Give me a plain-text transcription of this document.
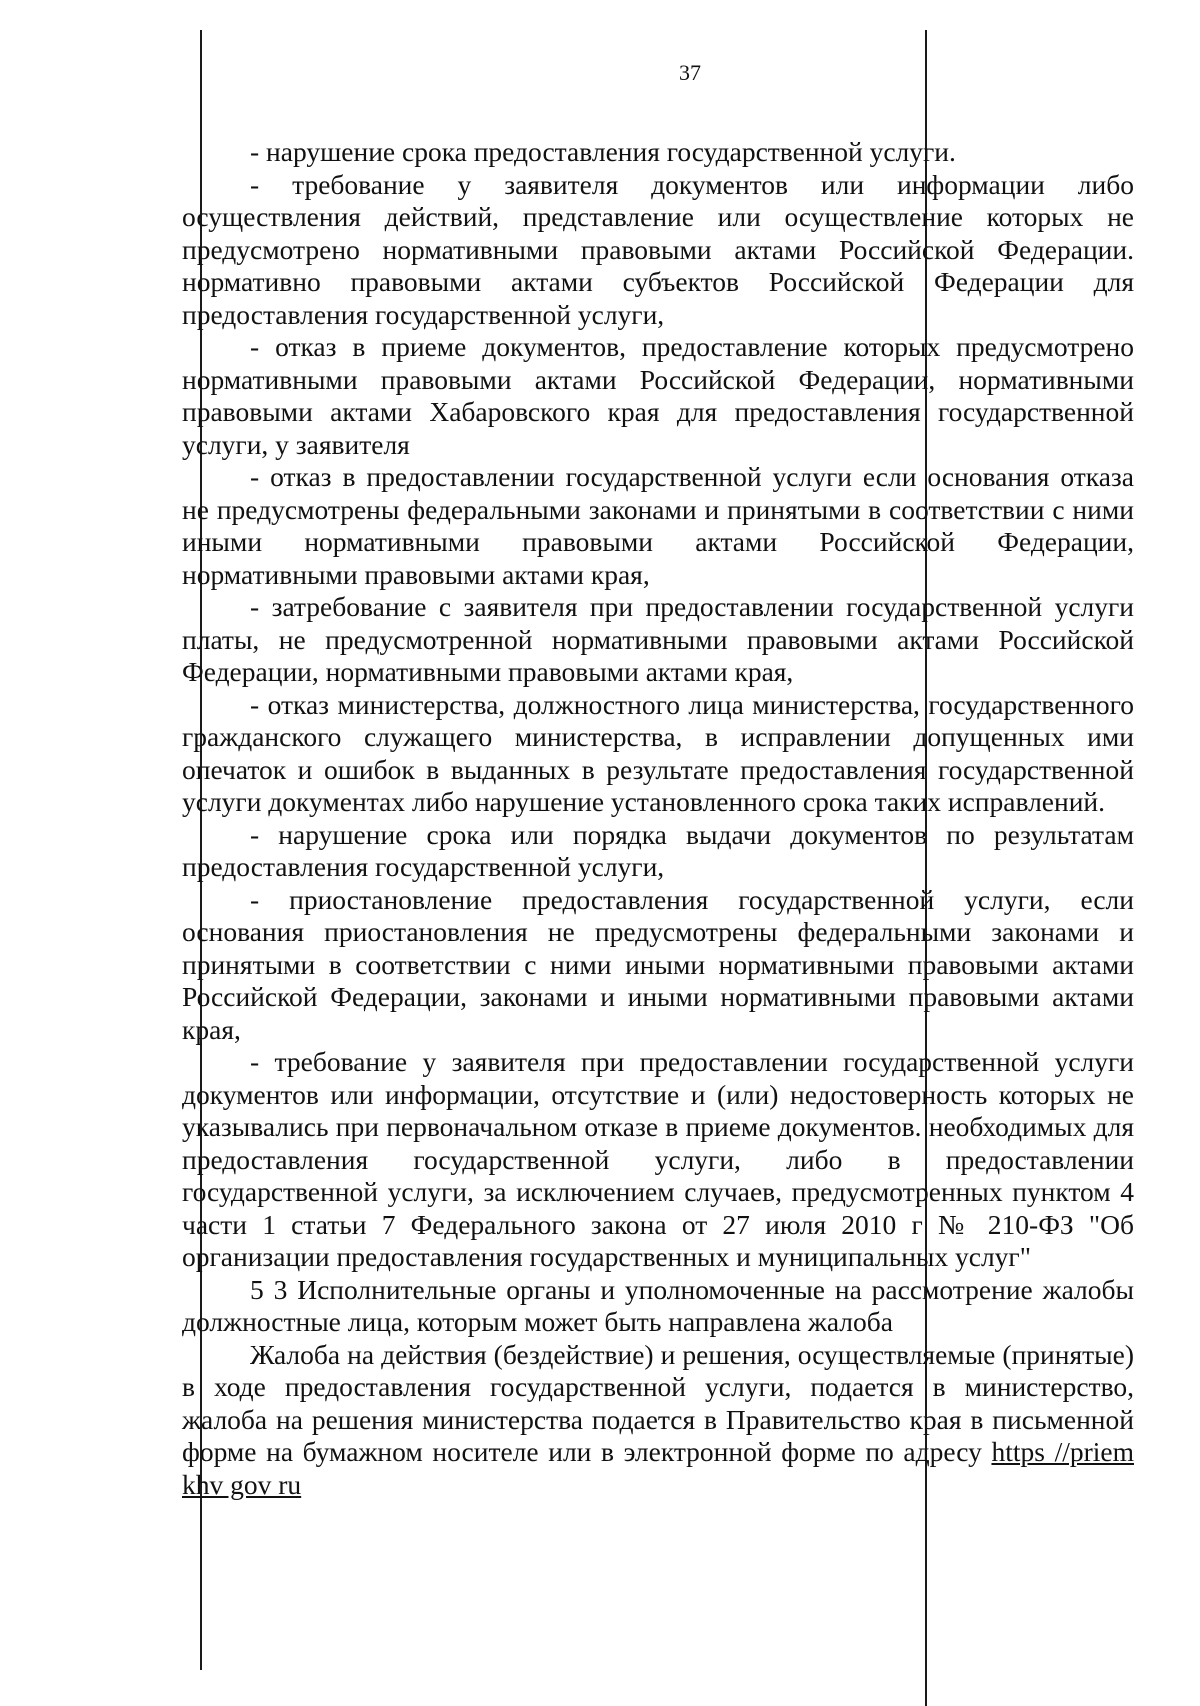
37

- нарушение срока предоставления государственной услуги.

- требование у заявителя документов или информации либо осуществления действий, представление или осуществление которых не предусмотрено нормативными правовыми актами Российской Федерации. нормативно правовыми актами субъектов Российской Федерации для предоставления государственной услуги,

- отказ в приеме документов, предоставление которых предусмотрено нормативными правовыми актами Российской Федерации, нормативными правовыми актами Хабаровского края для предоставления государственной услуги, у заявителя

- отказ в предоставлении государственной услуги если основания отказа не предусмотрены федеральными законами и принятыми в соответствии с ними иными нормативными правовыми актами Российской Федерации, нормативными правовыми актами края,

- затребование с заявителя при предоставлении государственной услуги платы, не предусмотренной нормативными правовыми актами Российской Федерации, нормативными правовыми актами края,

- отказ министерства, должностного лица министерства, государственного гражданского служащего министерства, в исправлении допущенных ими опечаток и ошибок в выданных в результате предоставления государственной услуги документах либо нарушение установленного срока таких исправлений.

- нарушение срока или порядка выдачи документов по результатам предоставления государственной услуги,

- приостановление предоставления государственной услуги, если основания приостановления не предусмотрены федеральными законами и принятыми в соответствии с ними иными нормативными правовыми актами Российской Федерации, законами и иными нормативными правовыми актами края,

- требование у заявителя при предоставлении государственной услуги документов или информации, отсутствие и (или) недостоверность которых не указывались при первоначальном отказе в приеме документов. необходимых для предоставления государственной услуги, либо в предоставлении государственной услуги, за исключением случаев, предусмотренных пунктом 4 части 1 статьи 7 Федерального закона от 27 июля 2010 г № 210-ФЗ "Об организации предоставления государственных и муниципальных услуг"

5 3 Исполнительные органы и уполномоченные на рассмотрение жалобы должностные лица, которым может быть направлена жалоба

Жалоба на действия (бездействие) и решения, осуществляемые (принятые) в ходе предоставления государственной услуги, подается в министерство, жалоба на решения министерства подается в Правительство края в письменной форме на бумажном носителе или в электронной форме по адресу https //priem khv gov ru
